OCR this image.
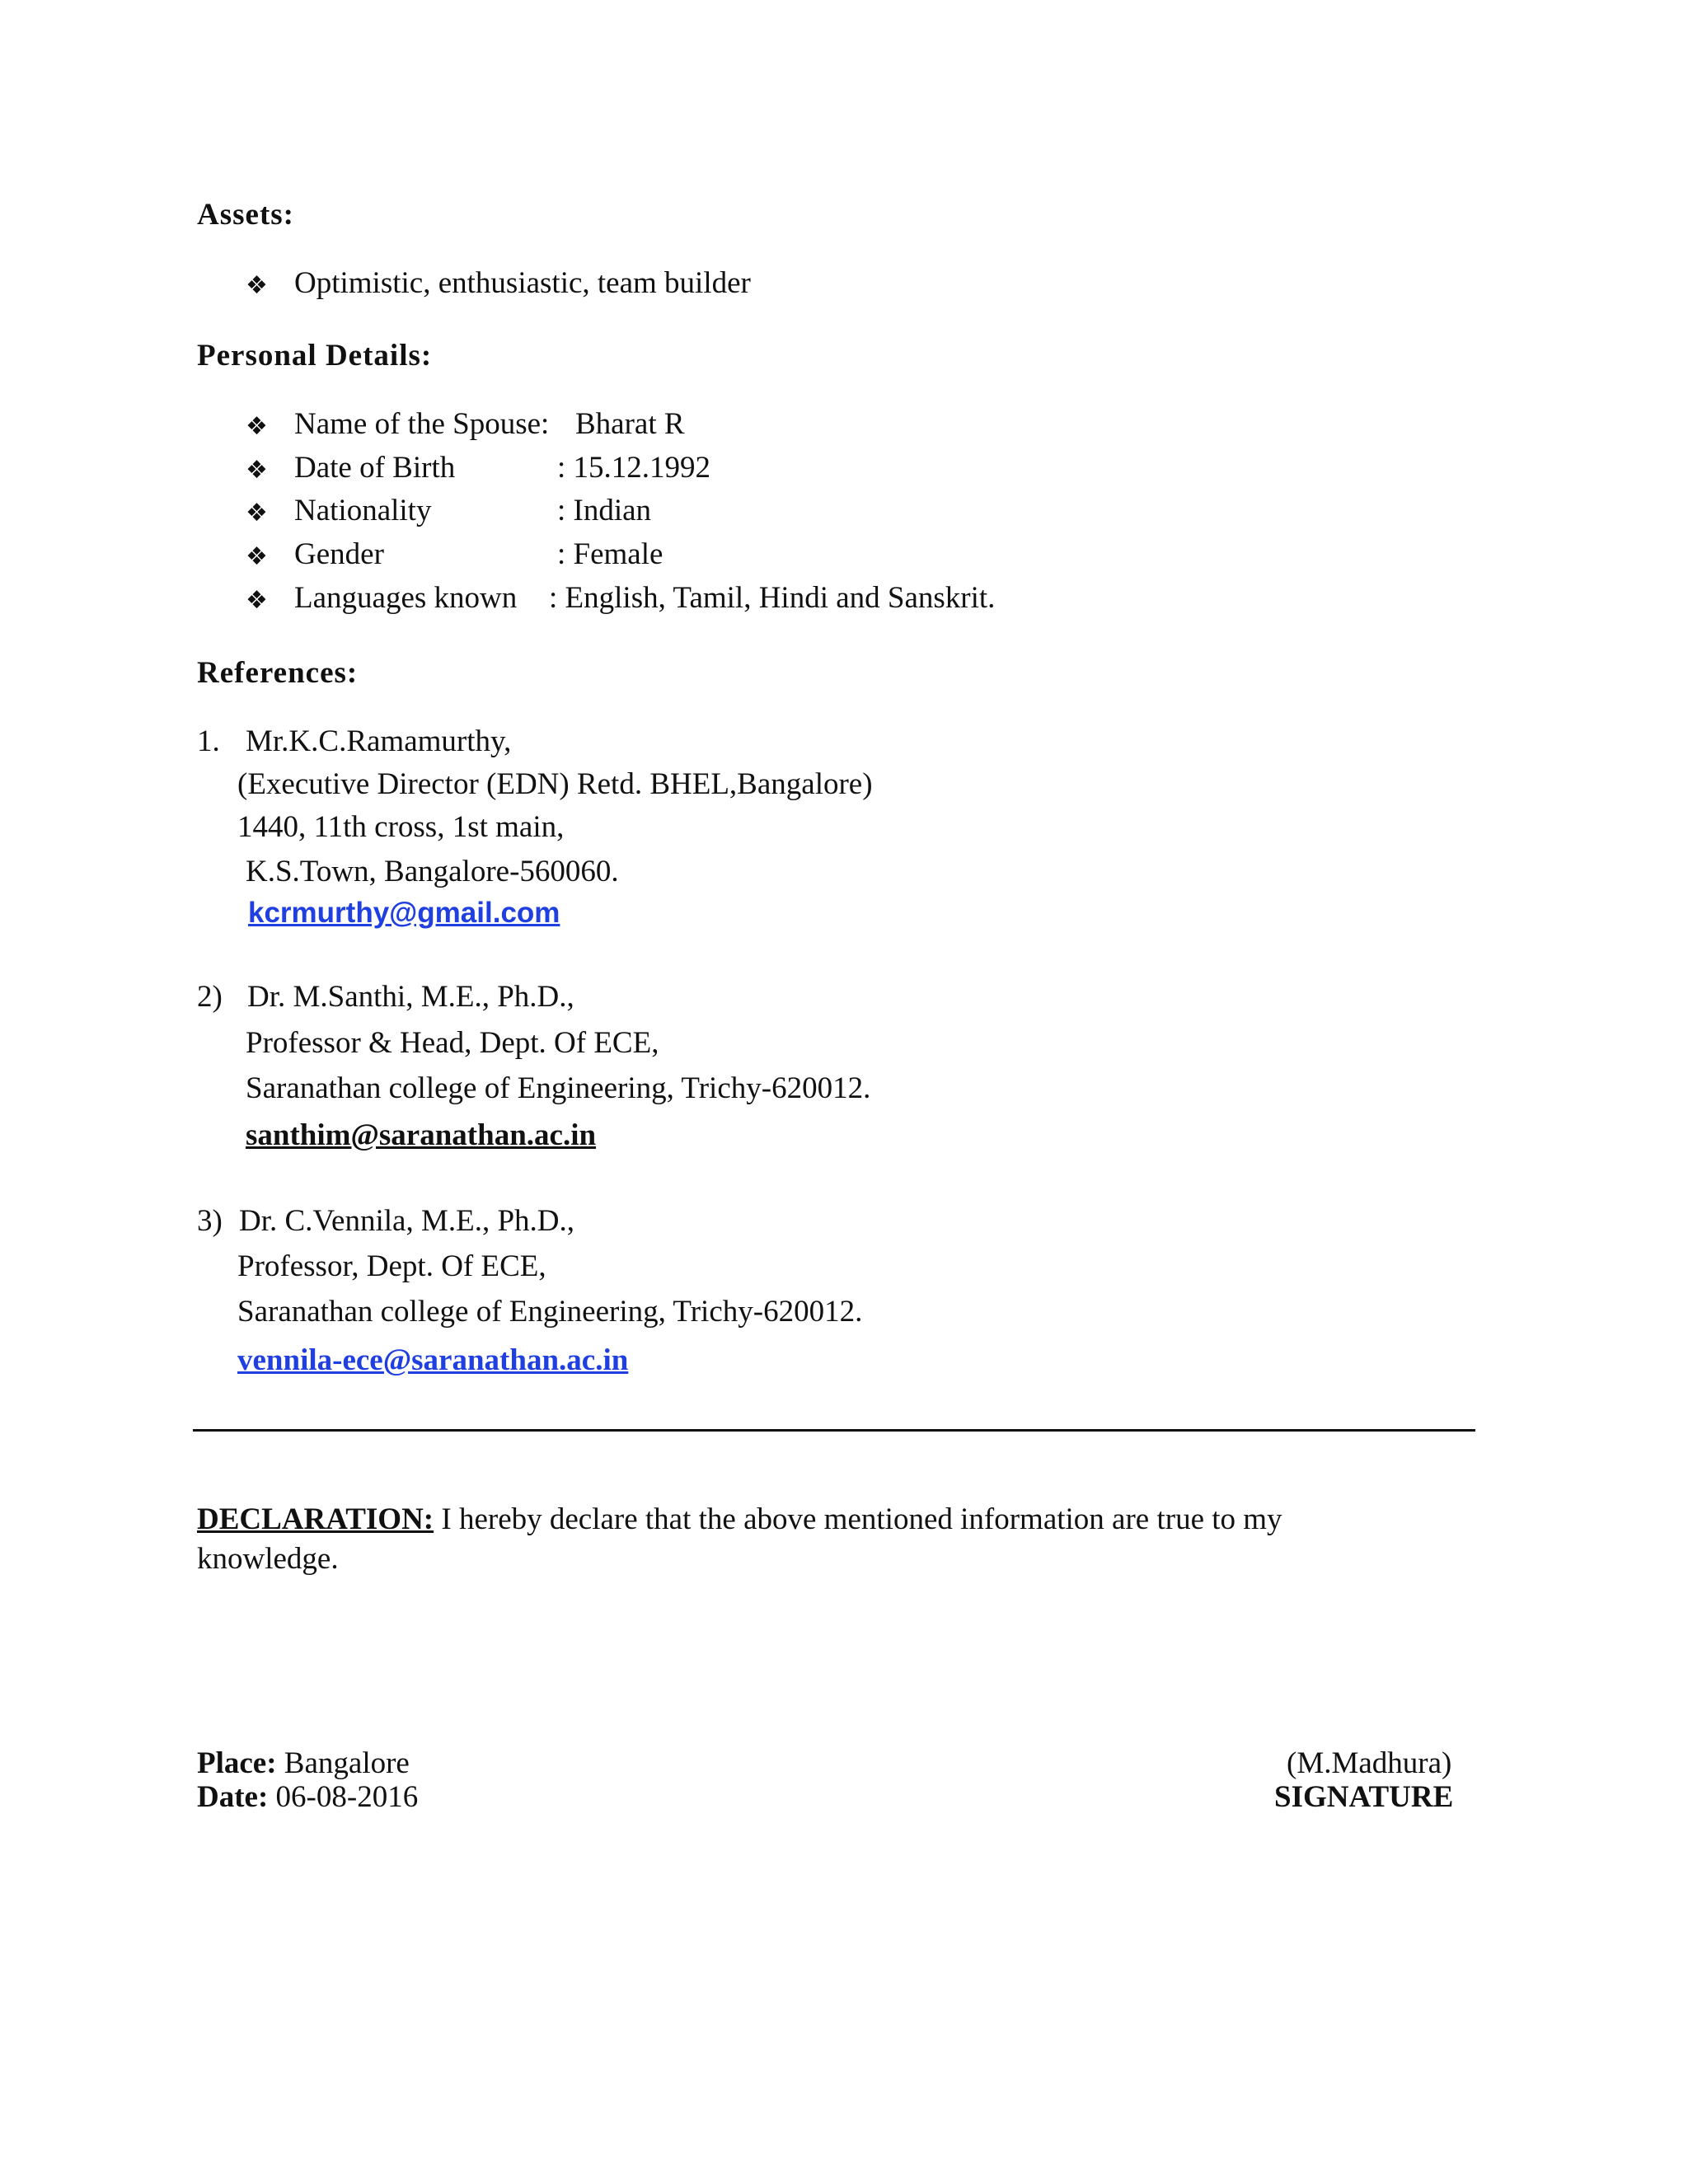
Assets:
❖ Optimistic, enthusiastic, team builder
Personal Details:
❖ Name of the Spouse: Bharat R
❖ Date of Birth	: 15.12.1992
❖ Nationality	: Indian
❖ Gender	: Female
❖ Languages known : English, Tamil, Hindi and Sanskrit.
References:
1. Mr.K.C.Ramamurthy,
(Executive Director (EDN) Retd. BHEL,Bangalore)
1440, 11th cross, 1st main,
K.S.Town, Bangalore-560060.
kcrmurthy@gmail.com
2) Dr. M.Santhi, M.E., Ph.D.,
Professor & Head, Dept. Of ECE,
Saranathan college of Engineering, Trichy-620012.
santhim@saranathan.ac.in
3) Dr. C.Vennila, M.E., Ph.D.,
Professor, Dept. Of ECE,
Saranathan college of Engineering, Trichy-620012.
vennila-ece@saranathan.ac.in
DECLARATION: I hereby declare that the above mentioned information are true to my
knowledge.
Place: Bangalore
Date: 06-08-2016
(M.Madhura)
SIGNATURE
